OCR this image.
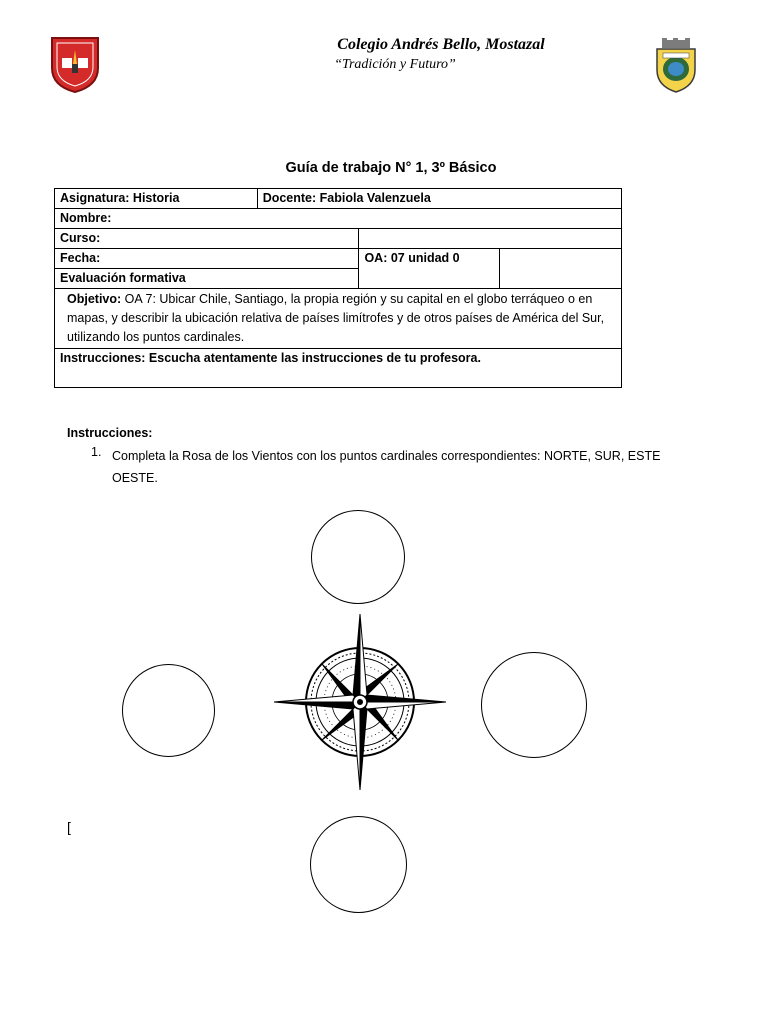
Colegio Andrés Bello, Mostazal
“Tradición y Futuro”
Guía de trabajo N° 1, 3º Básico
Asignatura: Historia	Docente: Fabiola Valenzuela		
Nombre:			
Curso:			
Fecha:		OA: 07 unidad 0	
Evaluación formativa			
Objetivo: OA 7: Ubicar Chile, Santiago, la propia región y su capital en el globo terráqueo o en mapas, y describir la ubicación relativa de países limítrofes y de otros países de América del Sur, utilizando los puntos cardinales.			
Instrucciones: Escucha atentamente las instrucciones de tu profesora.			
Instrucciones:
1. Completa la Rosa de los Vientos con los puntos cardinales correspondientes: NORTE, SUR, ESTE OESTE.
[
